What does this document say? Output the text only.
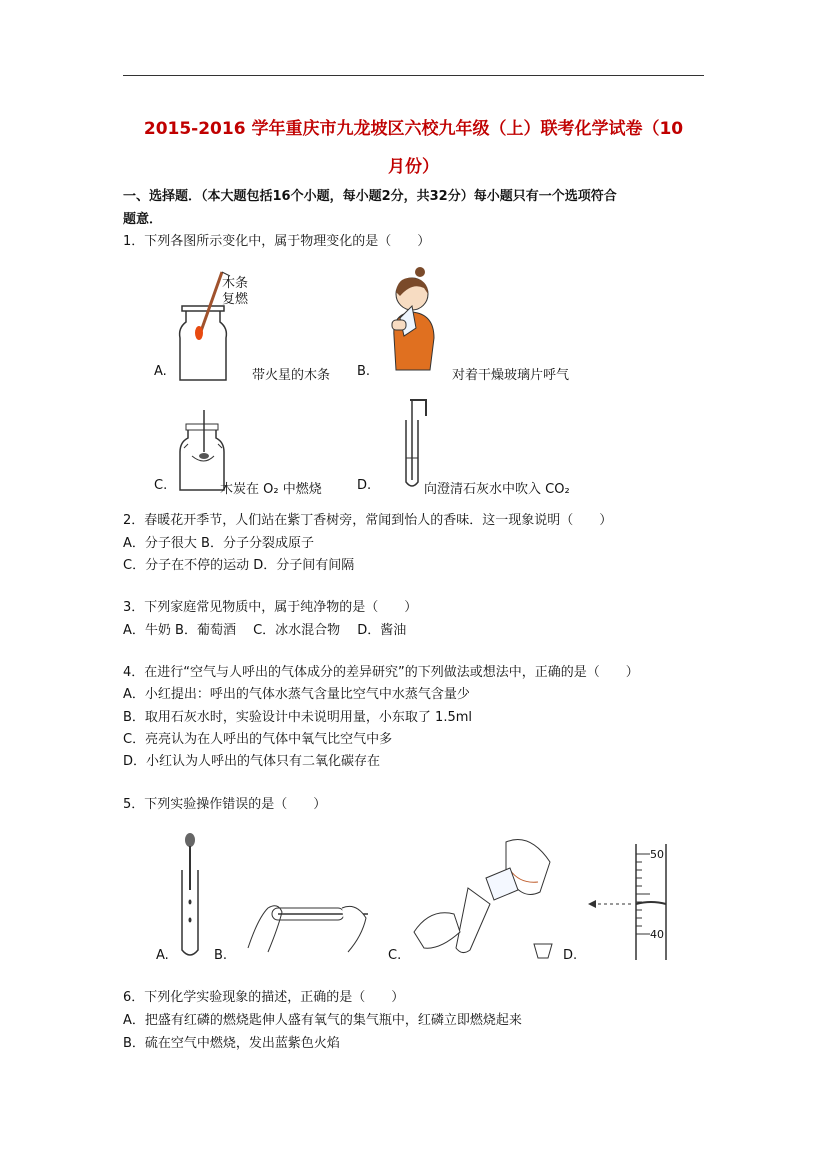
2015-2016 学年重庆市九龙坡区六校九年级（上）联考化学试卷（10
月份）
一、选择题．（本大题包括16个小题，每小题2分，共32分）每小题只有一个选项符合
题意．
1．下列各图所示变化中，属于物理变化的是（　　）
木条
复燃
A.	带火星的木条 B.	对着干燥玻璃片呼气
C.	木炭在 O₂ 中燃烧	D.	向澄清石灰水中吹入 CO₂
2．春暖花开季节，人们站在紫丁香树旁，常闻到怡人的香味．这一现象说明（　　）
A．分子很大 B．分子分裂成原子
C．分子在不停的运动 D．分子间有间隔
3．下列家庭常见物质中，属于纯净物的是（　　）
A．牛奶 B．葡萄酒　 C．冰水混合物　 D．酱油
4．在进行“空气与人呼出的气体成分的差异研究”的下列做法或想法中，正确的是（　　）
A．小红提出：呼出的气体水蒸气含量比空气中水蒸气含量少
B．取用石灰水时，实验设计中未说明用量，小东取了 1.5ml
C．亮亮认为在人呼出的气体中氧气比空气中多
D．小红认为人呼出的气体只有二氧化碳存在
5．下列实验操作错误的是（　　）
A.	B.	C.	D.
50
40
6．下列化学实验现象的描述，正确的是（　　）
A．把盛有红磷的燃烧匙伸人盛有氧气的集气瓶中，红磷立即燃烧起来
B．硫在空气中燃烧，发出蓝紫色火焰
